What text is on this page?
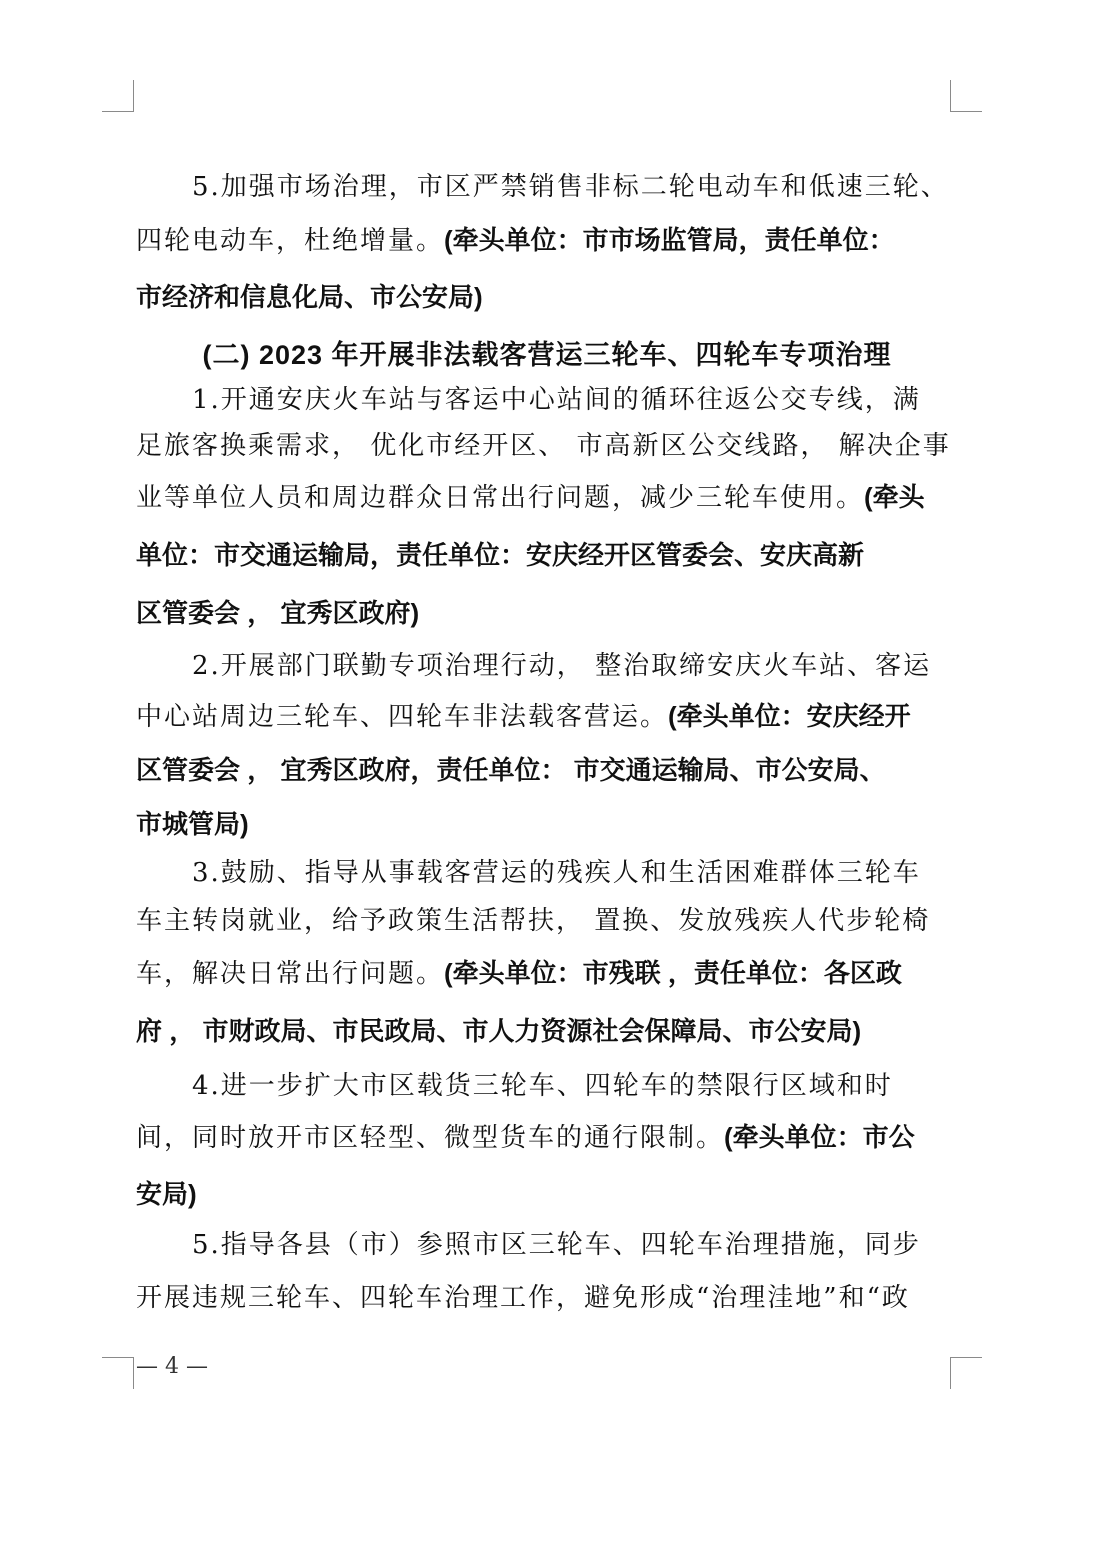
5.加强市场治理，市区严禁销售非标二轮电动车和低速三轮、
四轮电动车，杜绝增量。(牵头单位：市市场监管局，责任单位：
市经济和信息化局、市公安局)
(二) 2023 年开展非法载客营运三轮车、四轮车专项治理
1.开通安庆火车站与客运中心站间的循环往返公交专线，满
足旅客换乘需求， 优化市经开区、 市高新区公交线路， 解决企事
业等单位人员和周边群众日常出行问题，减少三轮车使用。(牵头
单位：市交通运输局，责任单位：安庆经开区管委会、安庆高新
区管委会 ， 宜秀区政府)
2.开展部门联勤专项治理行动， 整治取缔安庆火车站、客运
中心站周边三轮车、四轮车非法载客营运。(牵头单位：安庆经开
区管委会 ， 宜秀区政府，责任单位： 市交通运输局、市公安局、
市城管局)
3.鼓励、指导从事载客营运的残疾人和生活困难群体三轮车
车主转岗就业，给予政策生活帮扶， 置换、发放残疾人代步轮椅
车，解决日常出行问题。(牵头单位：市残联 ，责任单位：各区政
府 ， 市财政局、市民政局、市人力资源社会保障局、市公安局)
4.进一步扩大市区载货三轮车、四轮车的禁限行区域和时
间，同时放开市区轻型、微型货车的通行限制。(牵头单位：市公
安局)
5.指导各县（市）参照市区三轮车、四轮车治理措施，同步
开展违规三轮车、四轮车治理工作，避免形成“治理洼地”和“政
— 4 —
